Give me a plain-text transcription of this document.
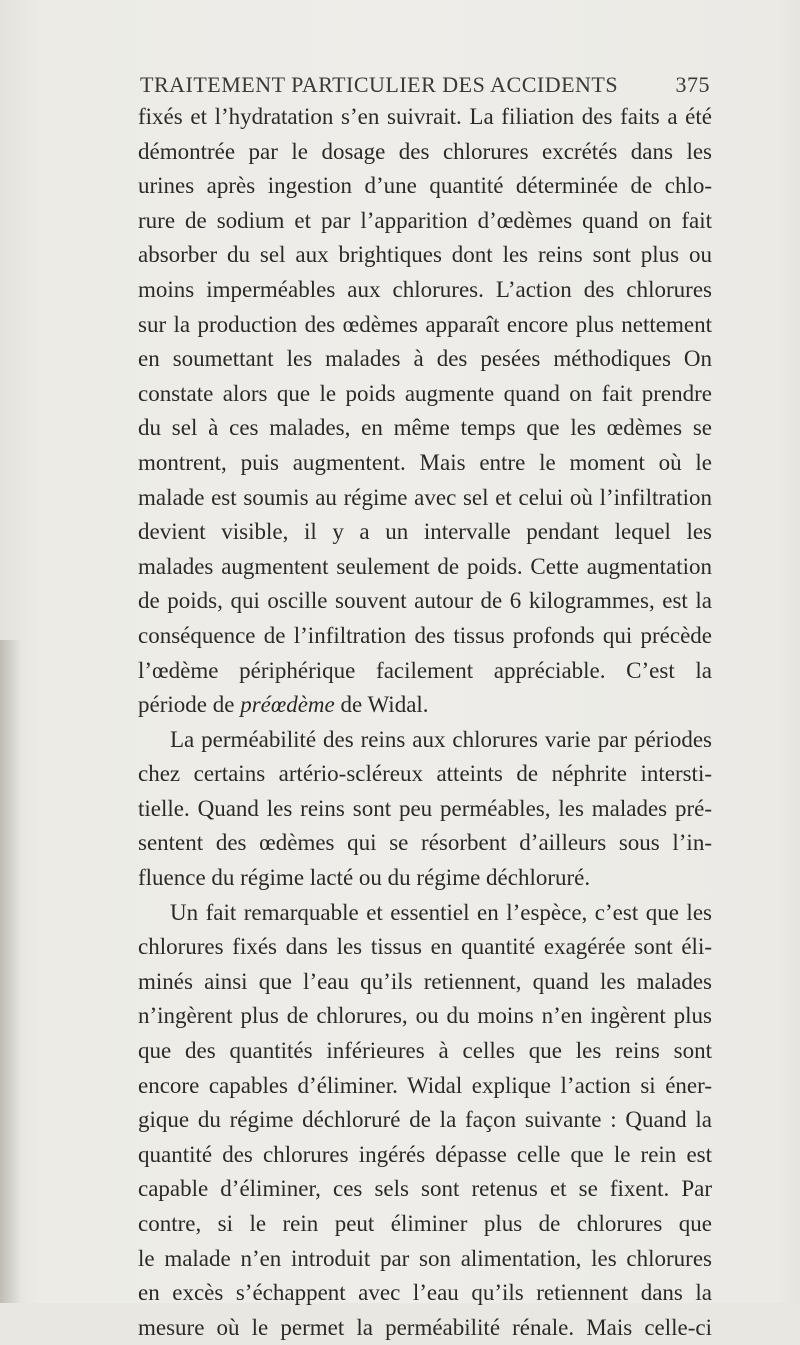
TRAITEMENT PARTICULIER DES ACCIDENTS	375
fixés et l’hydratation s’en suivrait. La filiation des faits a été
démontrée par le dosage des chlorures excrétés dans les
urines après ingestion d’une quantité déterminée de chlo-
rure de sodium et par l’apparition d’œdèmes quand on fait
absorber du sel aux brightiques dont les reins sont plus ou
moins imperméables aux chlorures. L’action des chlorures
sur la production des œdèmes apparaît encore plus nettement
en soumettant les malades à des pesées méthodiques On
constate alors que le poids augmente quand on fait prendre
du sel à ces malades, en même temps que les œdèmes se
montrent, puis augmentent. Mais entre le moment où le
malade est soumis au régime avec sel et celui où l’infiltration
devient visible, il y a un intervalle pendant lequel les
malades augmentent seulement de poids. Cette augmentation
de poids, qui oscille souvent autour de 6 kilogrammes, est la
conséquence de l’infiltration des tissus profonds qui précède
l’œdème périphérique facilement appréciable. C’est la
période de préœdème de Widal.
La perméabilité des reins aux chlorures varie par périodes
chez certains artério-scléreux atteints de néphrite intersti-
tielle. Quand les reins sont peu perméables, les malades pré-
sentent des œdèmes qui se résorbent d’ailleurs sous l’in-
fluence du régime lacté ou du régime déchloruré.
Un fait remarquable et essentiel en l’espèce, c’est que les
chlorures fixés dans les tissus en quantité exagérée sont éli-
minés ainsi que l’eau qu’ils retiennent, quand les malades
n’ingèrent plus de chlorures, ou du moins n’en ingèrent plus
que des quantités inférieures à celles que les reins sont
encore capables d’éliminer. Widal explique l’action si éner-
gique du régime déchloruré de la façon suivante : Quand la
quantité des chlorures ingérés dépasse celle que le rein est
capable d’éliminer, ces sels sont retenus et se fixent. Par
contre, si le rein peut éliminer plus de chlorures que
le malade n’en introduit par son alimentation, les chlorures
en excès s’échappent avec l’eau qu’ils retiennent dans la
mesure où le permet la perméabilité rénale. Mais celle-ci
